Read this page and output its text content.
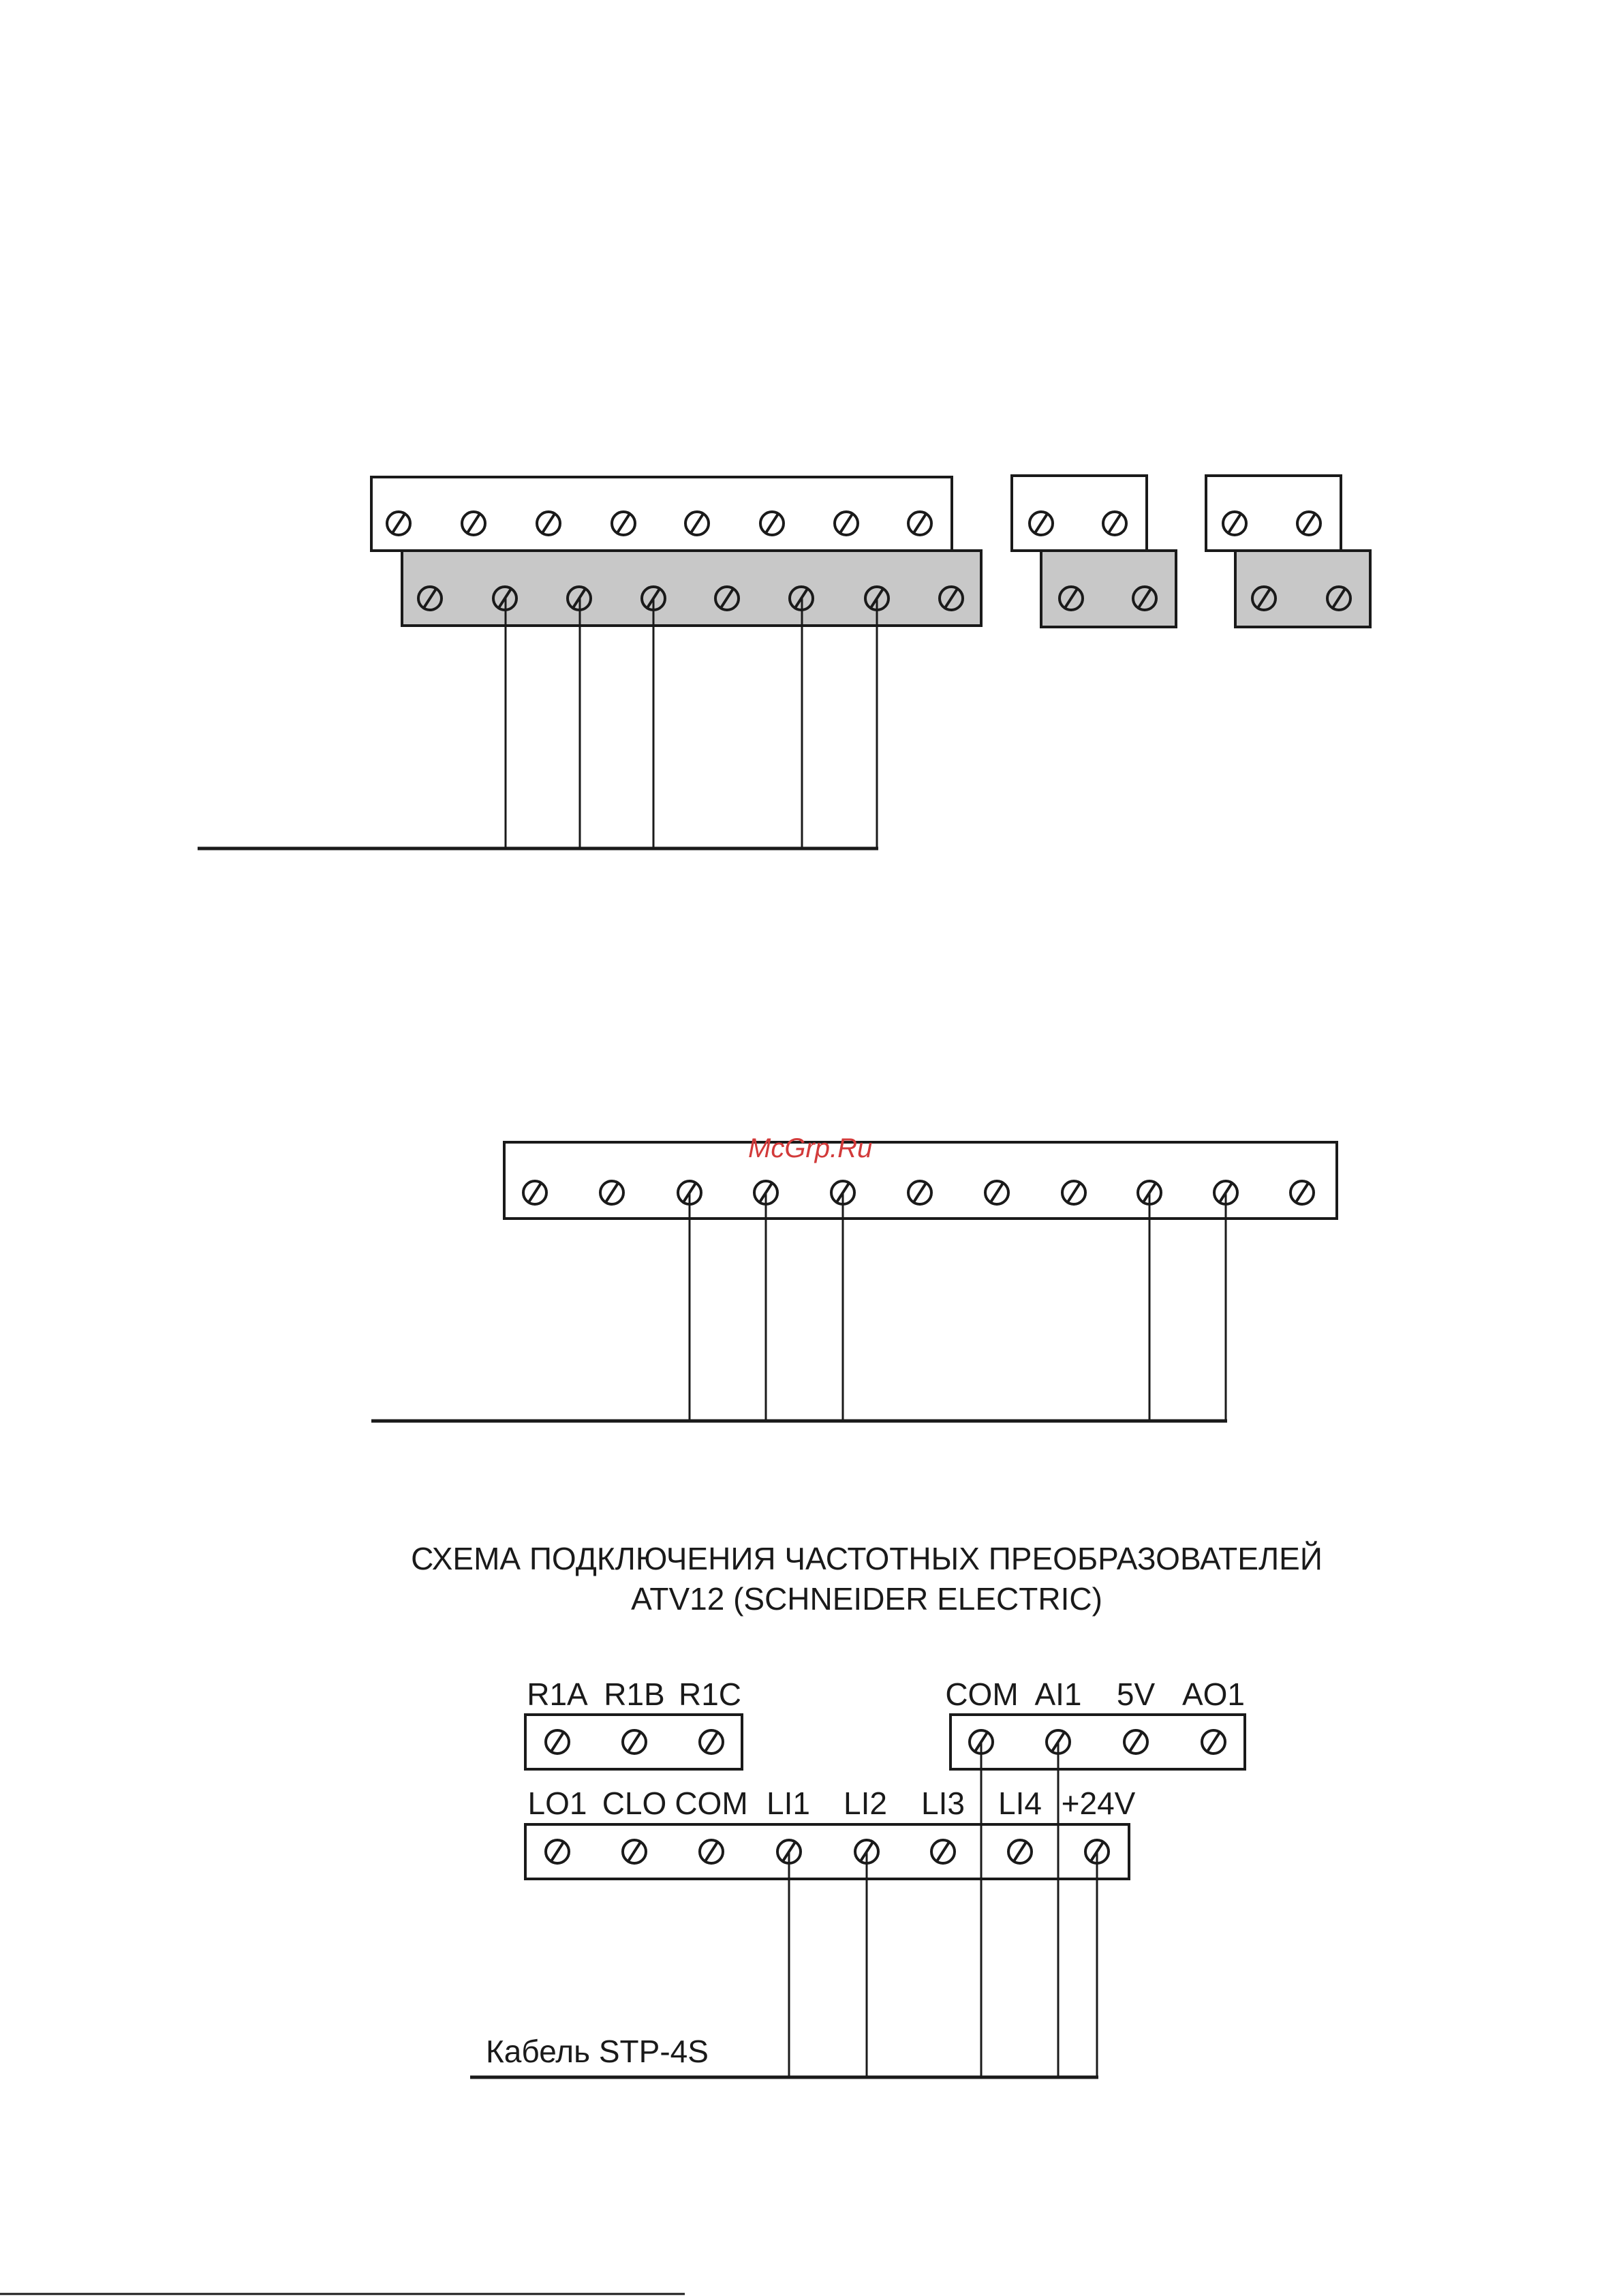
McGrp.Ru
СХЕМА ПОДКЛЮЧЕНИЯ ЧАСТОТНЫХ ПРЕОБРАЗОВАТЕЛЕЙ
ATV12 (SCHNEIDER ELECTRIC)
R1A R1B R1C	COM AI1 5V AO1
LO1 CLO COM LI1 LI2 LI3 LI4 +24V
Кабель STP-4S
